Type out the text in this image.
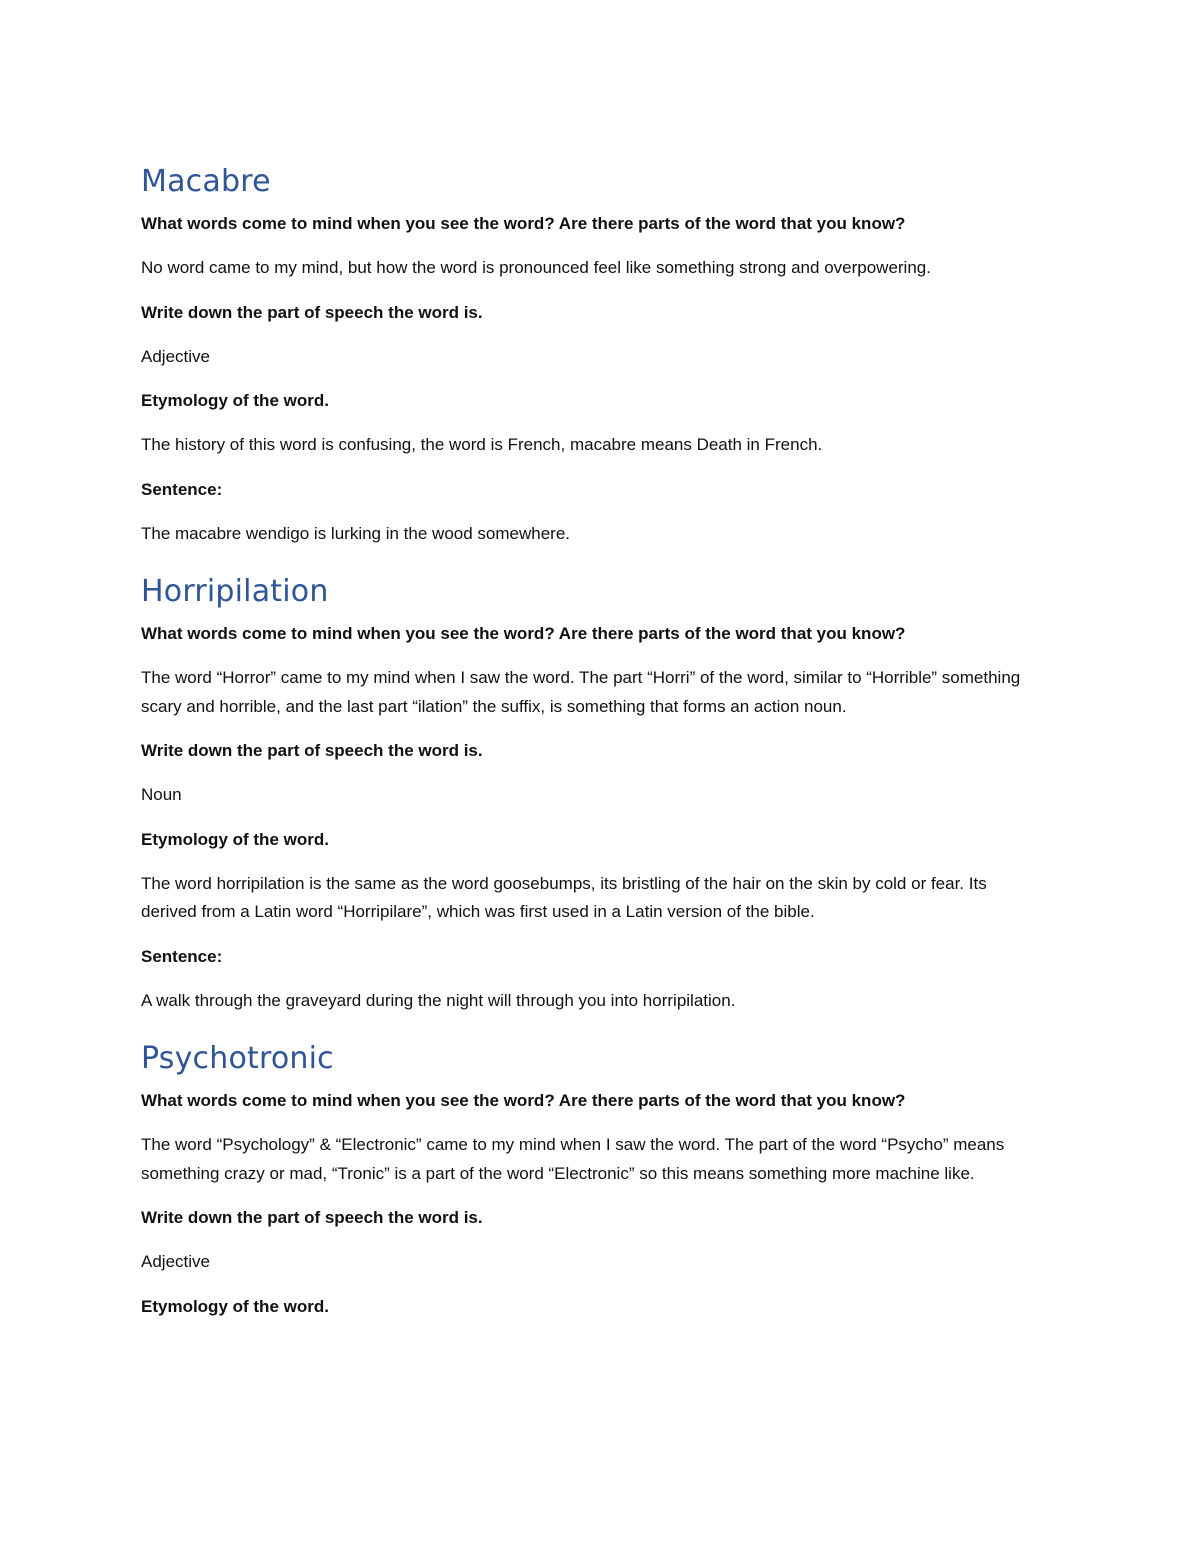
Macabre

What words come to mind when you see the word? Are there parts of the word that you know?

No word came to my mind, but how the word is pronounced feel like something strong and overpowering.

Write down the part of speech the word is.

Adjective

Etymology of the word.

The history of this word is confusing, the word is French, macabre means Death in French.

Sentence:

The macabre wendigo is lurking in the wood somewhere.

Horripilation

What words come to mind when you see the word? Are there parts of the word that you know?

The word “Horror” came to my mind when I saw the word. The part “Horri” of the word, similar to “Horrible” something scary and horrible, and the last part “ilation” the suffix, is something that forms an action noun.

Write down the part of speech the word is.

Noun

Etymology of the word.

The word horripilation is the same as the word goosebumps, its bristling of the hair on the skin by cold or fear. Its derived from a Latin word “Horripilare”, which was first used in a Latin version of the bible.

Sentence:

A walk through the graveyard during the night will through you into horripilation.

Psychotronic

What words come to mind when you see the word? Are there parts of the word that you know?

The word “Psychology” & “Electronic” came to my mind when I saw the word. The part of the word “Psycho” means something crazy or mad, “Tronic” is a part of the word “Electronic” so this means something more machine like.

Write down the part of speech the word is.

Adjective

Etymology of the word.
